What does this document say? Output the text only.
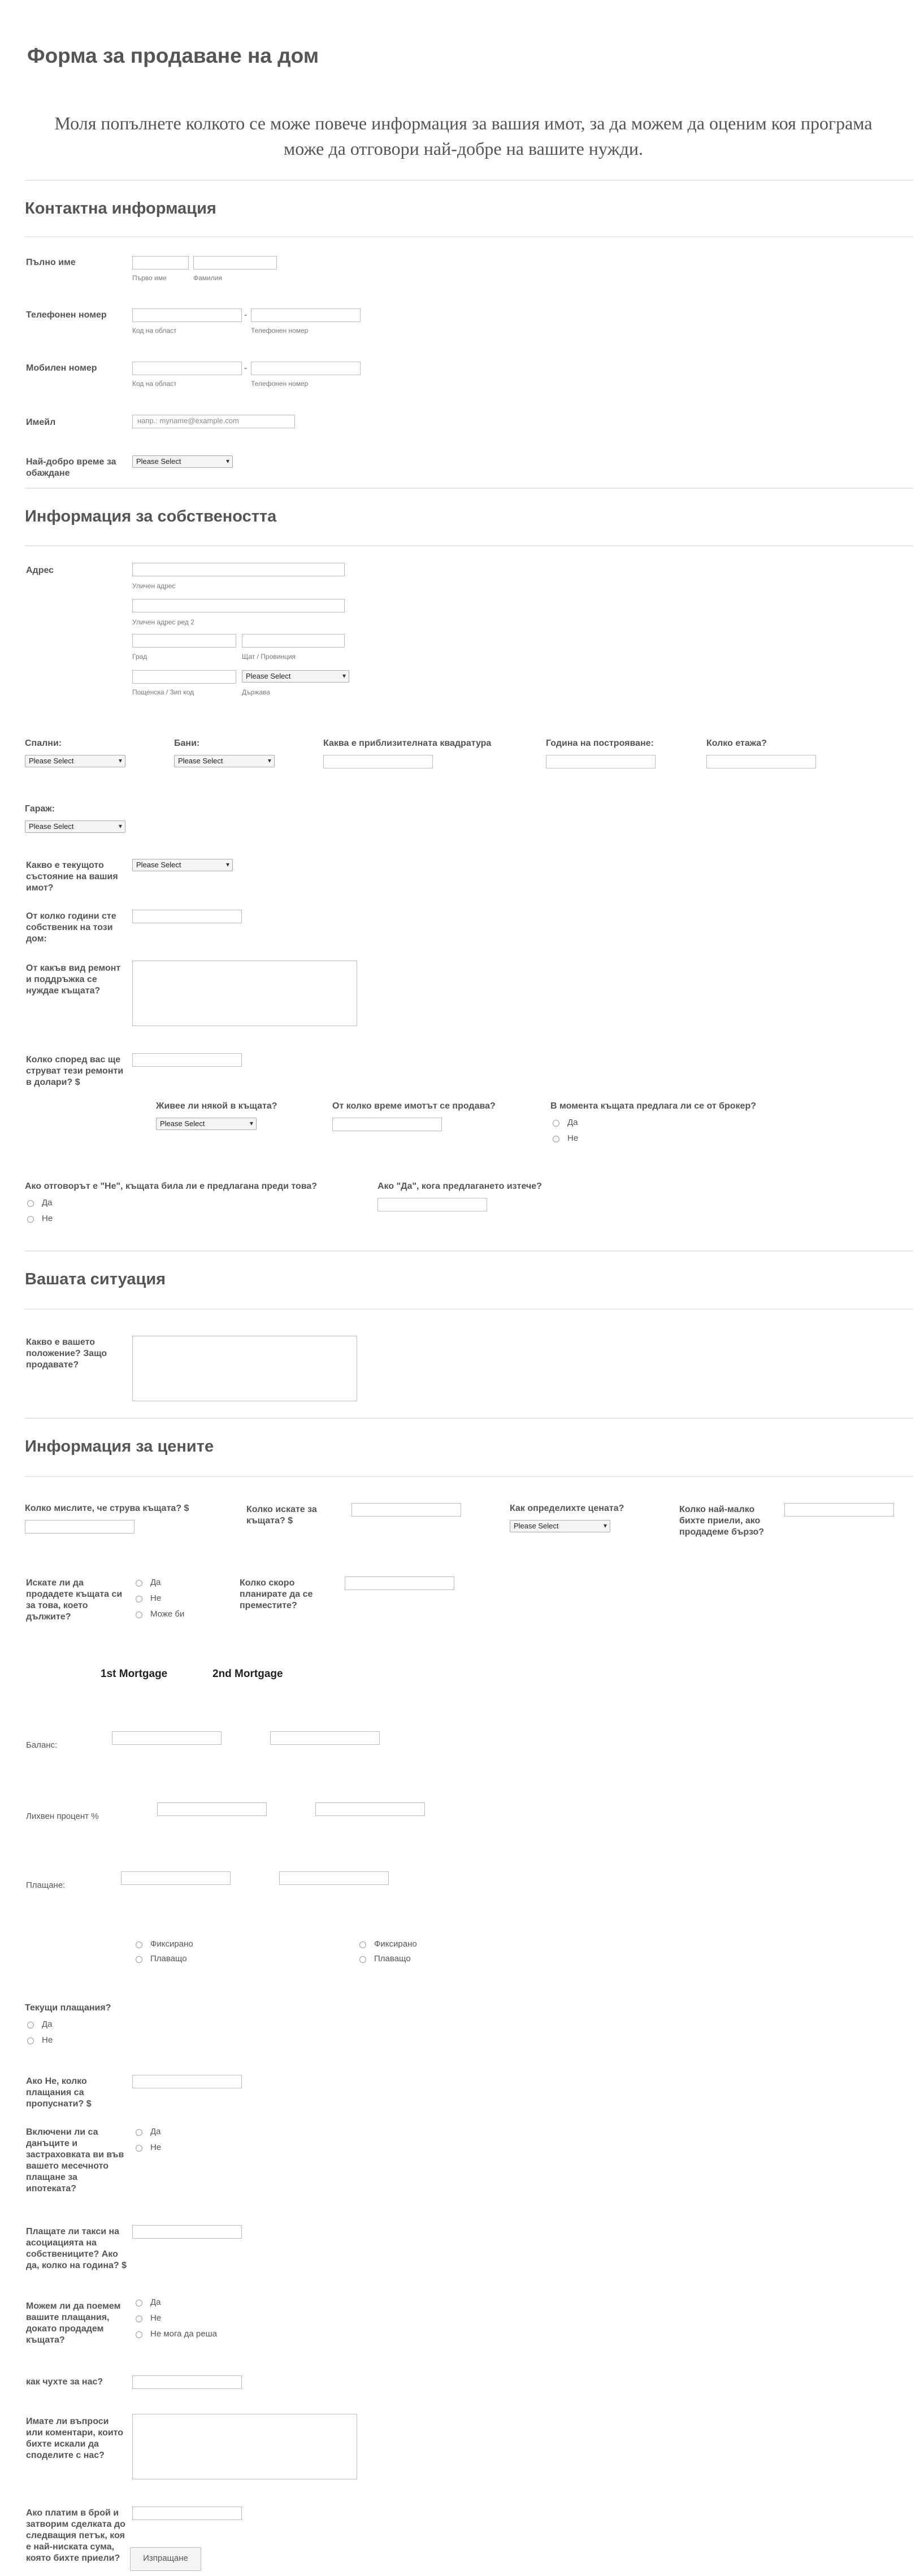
Форма за продаване на дом
Моля попълнете колкото се може повече информация за вашия имот, за да можем да оценим коя програма може да отговори най-добре на вашите нужди.
Контактна информация
Пълно име
Първо име	Фамилия
Телефонен номер	-
Код на област	Телефонен номер
Мобилен номер	-
Код на област	Телефонен номер
Имейл	напр.: myname@example.com
Най-добро време за обаждане
Please Select ▾
Информация за собствеността
Адрес
Уличен адрес
Уличен адрес ред 2
Град	Щат / Провинция
Please Select ▾
Пощенска / Зип код	Държава
Спални:
Please Select ▾
Бани:
Please Select ▾
Каква е приблизителната квадратура	Година на построяване:	Колко етажа?
Гараж:
Please Select ▾
Какво е текущото състояние на вашия имот?
Please Select ▾
От колко години сте собственик на този дом:
От какъв вид ремонт и поддръжка се нуждае къщата?
Колко според вас ще струват тези ремонти в долари? $
Живее ли някой в къщата?
Please Select ▾
От колко време имотът се продава?	В момента къщата предлага ли се от брокер?
Да
Не
Ако отговорът е "Не", къщата била ли е предлагана преди това?
Да
Не
Ако "Да", кога предлагането изтече?
Вашата ситуация
Какво е вашето положение? Защо продавате?
Информация за цените
Колко мислите, че струва къщата? $	Колко искате за къщата? $
Как определихте цената?
Please Select ▾
Колко най-малко бихте приели, ако продадеме бързо?
Искате ли да продадете къщата си за това, което дължите?
Да
Не
Може би
Колко скоро планирате да се преместите?
1st Mortgage	2nd Mortgage
Баланс:
Лихвен процент %
Плащане:
Фиксирано
Плаващо
Фиксирано
Плаващо
Текущи плащания?
Да
Не
Ако Не, колко плащания са пропуснати? $
Включени ли са данъците и застраховката ви във вашето месечното плащане за ипотеката?
Да
Не
Плащате ли такси на асоциацията на собствениците? Ако да, колко на година? $
Можем ли да поемем вашите плащания, докато продадем къщата?
Да
Не
Не мога да реша
как чухте за нас?
Имате ли въпроси или коментари, които бихте искали да споделите с нас?
Ако платим в брой и затворим сделката до следващия петък, коя е най-ниската сума, която бихте приели?	Изпращане
